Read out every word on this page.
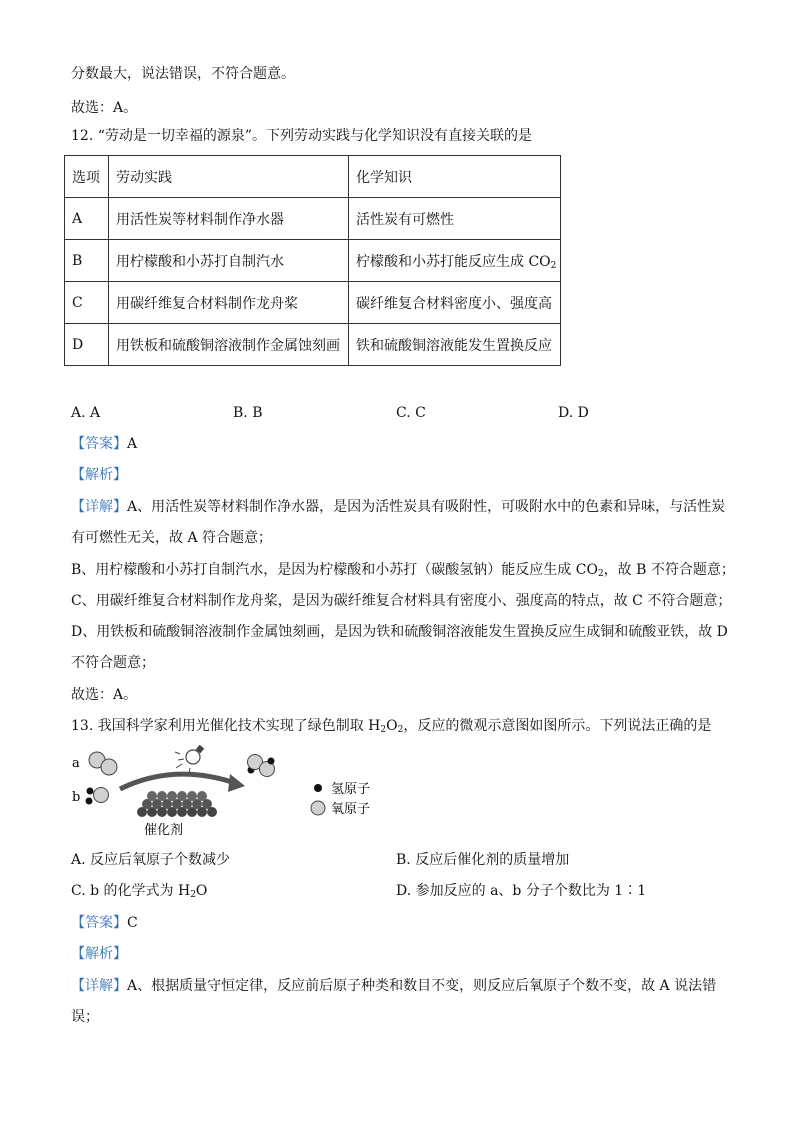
分数最大，说法错误，不符合题意。
故选：A。
12. “劳动是一切幸福的源泉”。下列劳动实践与化学知识没有直接关联的是
选项	劳动实践	化学知识
A	用活性炭等材料制作净水器	活性炭有可燃性
B	用柠檬酸和小苏打自制汽水	柠檬酸和小苏打能反应生成 $CO_2$
C	用碳纤维复合材料制作龙舟桨	碳纤维复合材料密度小、强度高
D	用铁板和硫酸铜溶液制作金属蚀刻画	铁和硫酸铜溶液能发生置换反应
A. A	B. B	C. C	D. D
【答案】A
【解析】
【详解】A、用活性炭等材料制作净水器，是因为活性炭具有吸附性，可吸附水中的色素和异味，与活性炭
有可燃性无关，故 A 符合题意；
B、用柠檬酸和小苏打自制汽水，是因为柠檬酸和小苏打（碳酸氢钠）能反应生成 $CO_2$，故 B 不符合题意；
C、用碳纤维复合材料制作龙舟桨，是因为碳纤维复合材料具有密度小、强度高的特点，故 C 不符合题意；
D、用铁板和硫酸铜溶液制作金属蚀刻画，是因为铁和硫酸铜溶液能发生置换反应生成铜和硫酸亚铁，故 D
不符合题意；
故选：A。
13. 我国科学家利用光催化技术实现了绿色制取 $H_2O_2$，反应的微观示意图如图所示。下列说法正确的是
a
b
催化剂
氢原子
氧原子
A. 反应后氧原子个数减少	B. 反应后催化剂的质量增加
C. b 的化学式为 $H_2O$	D. 参加反应的 a、b 分子个数比为 1∶1
【答案】C
【解析】
【详解】A、根据质量守恒定律，反应前后原子种类和数目不变，则反应后氧原子个数不变，故 A 说法错
误；
